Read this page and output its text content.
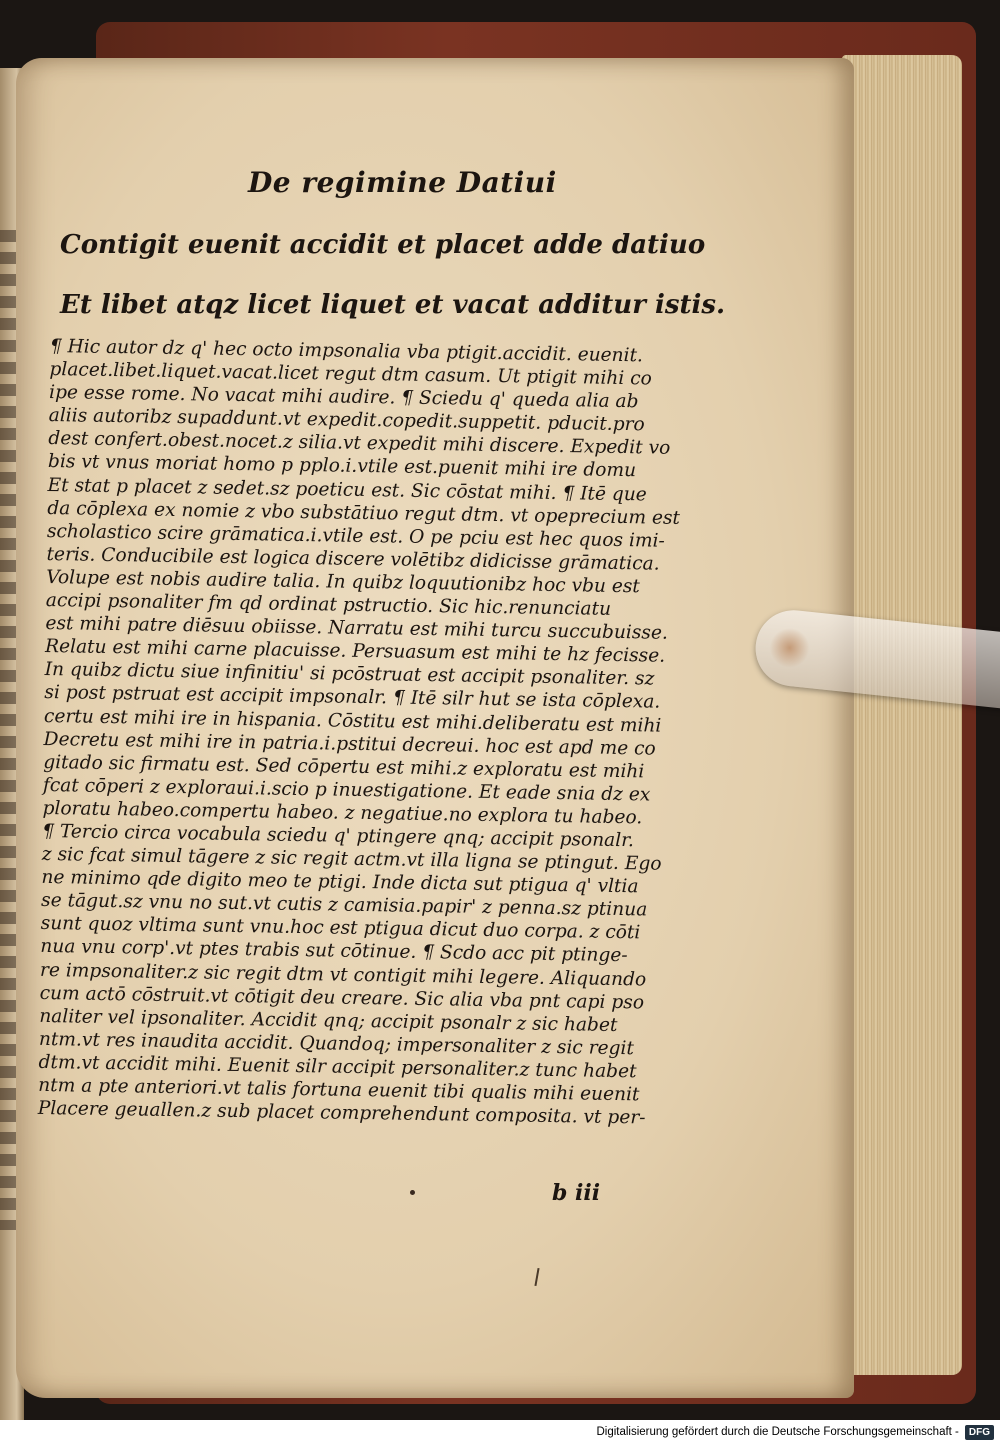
De regimine Datiui
Contigit euenit accidit et placet adde datiuo
Et libet atqz licet liquet et vacat additur istis.
¶ Hic autor dz q' hec octo impsonalia vba ptigit.accidit. euenit.
placet.libet.liquet.vacat.licet regut dtm casum. Ut ptigit mihi co
ipe esse rome. No vacat mihi audire. ¶ Sciedu q' queda alia ab
aliis autoribz supaddunt.vt expedit.copedit.suppetit. pducit.pro
dest confert.obest.nocet.z silia.vt expedit mihi discere. Expedit vo
bis vt vnus moriat homo p pplo.i.vtile est.puenit mihi ire domu
Et stat p placet z sedet.sz poeticu est. Sic cōstat mihi. ¶ Itē que
da cōplexa ex nomie z vbo substātiuo regut dtm. vt opeprecium est
scholastico scire grāmatica.i.vtile est. O pe pciu est hec quos imi-
teris. Conducibile est logica discere volētibz didicisse grāmatica.
Volupe est nobis audire talia. In quibz loquutionibz hoc vbu est
accipi psonaliter fm qd ordinat pstructio. Sic hic.renunciatu
est mihi patre diēsuu obiisse. Narratu est mihi turcu succubuisse.
Relatu est mihi carne placuisse. Persuasum est mihi te hz fecisse.
In quibz dictu siue infinitiu' si pcōstruat est accipit psonaliter. sz
si post pstruat est accipit impsonalr. ¶ Itē silr hut se ista cōplexa.
certu est mihi ire in hispania. Cōstitu est mihi.deliberatu est mihi
Decretu est mihi ire in patria.i.pstitui decreui. hoc est apd me co
gitado sic firmatu est. Sed cōpertu est mihi.z exploratu est mihi
fcat cōperi z exploraui.i.scio p inuestigatione. Et eade snia dz ex
ploratu habeo.compertu habeo. z negatiue.no explora tu habeo.
¶ Tercio circa vocabula sciedu q' ptingere qnq; accipit psonalr.
z sic fcat simul tāgere z sic regit actm.vt illa ligna se ptingut. Ego
ne minimo qde digito meo te ptigi. Inde dicta sut ptigua q' vltia
se tāgut.sz vnu no sut.vt cutis z camisia.papir' z penna.sz ptinua
sunt quoz vltima sunt vnu.hoc est ptigua dicut duo corpa. z cōti
nua vnu corp'.vt ptes trabis sut cōtinue. ¶ Scdo acc pit ptinge-
re impsonaliter.z sic regit dtm vt contigit mihi legere. Aliquando
cum actō cōstruit.vt cōtigit deu creare. Sic alia vba pnt capi pso
naliter vel ipsonaliter. Accidit qnq; accipit psonalr z sic habet
ntm.vt res inaudita accidit. Quandoq; impersonaliter z sic regit
dtm.vt accidit mihi. Euenit silr accipit personaliter.z tunc habet
ntm a pte anteriori.vt talis fortuna euenit tibi qualis mihi euenit
Placere geuallen.z sub placet comprehendunt composita. vt per-
b iii
Digitalisierung gefördert durch die Deutsche Forschungsgemeinschaft -	DFG
